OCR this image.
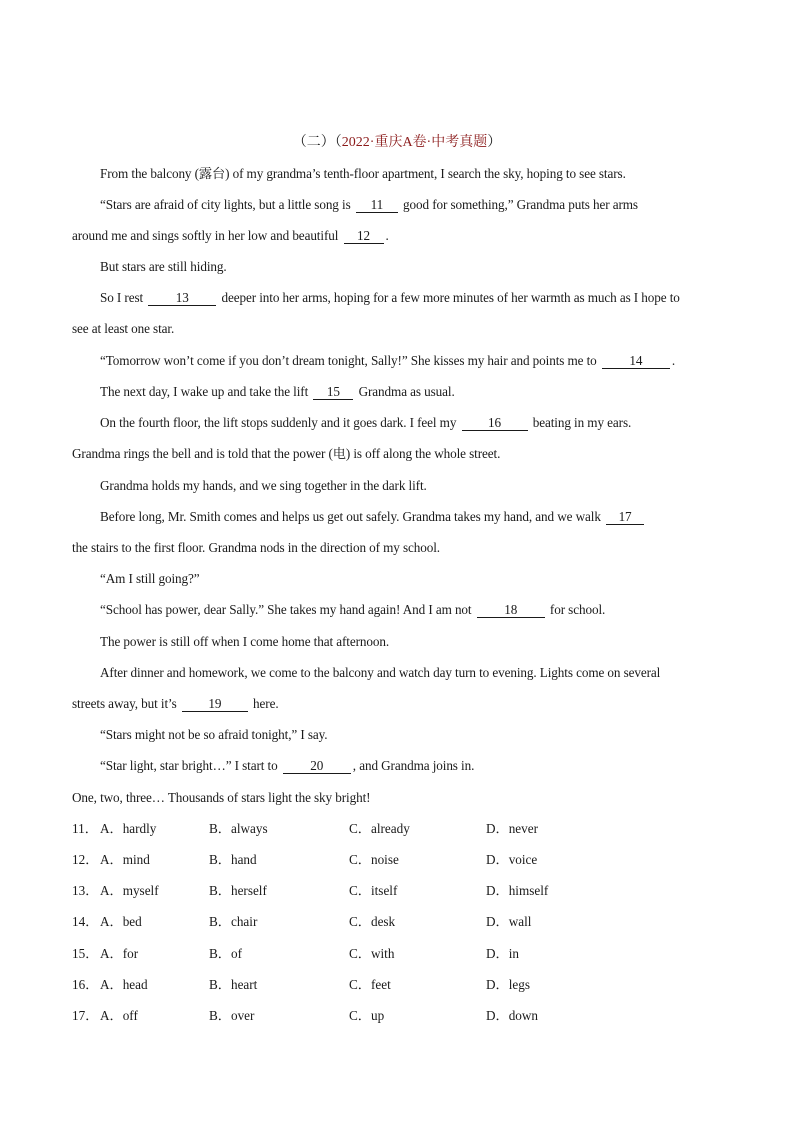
（二）（2022·重庆A卷·中考真题）
From the balcony (露台) of my grandma’s tenth-floor apartment, I search the sky, hoping to see stars.
“Stars are afraid of city lights, but a little song is 11 good for something,” Grandma puts her arms
around me and sings softly in her low and beautiful 12 .
But stars are still hiding.
So I rest 13 deeper into her arms, hoping for a few more minutes of her warmth as much as I hope to
see at least one star.
“Tomorrow won’t come if you don’t dream tonight, Sally!” She kisses my hair and points me to 14 .
The next day, I wake up and take the lift 15 Grandma as usual.
On the fourth floor, the lift stops suddenly and it goes dark. I feel my 16 beating in my ears.
Grandma rings the bell and is told that the power (电) is off along the whole street.
Grandma holds my hands, and we sing together in the dark lift.
Before long, Mr. Smith comes and helps us get out safely. Grandma takes my hand, and we walk 17
the stairs to the first floor. Grandma nods in the direction of my school.
“Am I still going?”
“School has power, dear Sally.” She takes my hand again! And I am not 18 for school.
The power is still off when I come home that afternoon.
After dinner and homework, we come to the balcony and watch day turn to evening. Lights come on several
streets away, but it’s 19 here.
“Stars might not be so afraid tonight,” I say.
“Star light, star bright…” I start to 20 , and Grandma joins in.
One, two, three… Thousands of stars light the sky bright!
11． A．hardly	B．always	C．already	D．never
12． A．mind	B．hand	C．noise	D．voice
13． A．myself	B．herself	C．itself	D．himself
14． A．bed	B．chair	C．desk	D．wall
15． A．for	B．of	C．with	D．in
16． A．head	B．heart	C．feet	D．legs
17． A．off	B．over	C．up	D．down
